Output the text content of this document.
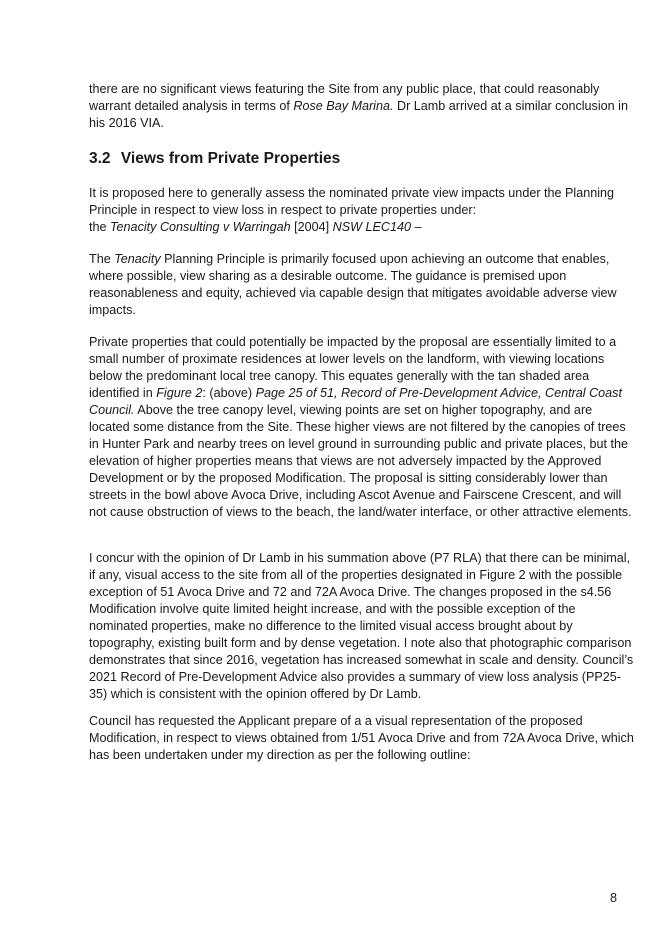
there are no significant views featuring the Site from any public place, that could reasonably warrant detailed analysis in terms of Rose Bay Marina. Dr Lamb arrived at a similar conclusion in his 2016 VIA.

3.2 Views from Private Properties

It is proposed here to generally assess the nominated private view impacts under the Planning Principle in respect to view loss in respect to private properties under:
the Tenacity Consulting v Warringah [2004] NSW LEC140 –

The Tenacity Planning Principle is primarily focused upon achieving an outcome that enables, where possible, view sharing as a desirable outcome. The guidance is premised upon reasonableness and equity, achieved via capable design that mitigates avoidable adverse view impacts.

Private properties that could potentially be impacted by the proposal are essentially limited to a small number of proximate residences at lower levels on the landform, with viewing locations below the predominant local tree canopy. This equates generally with the tan shaded area identified in Figure 2: (above) Page 25 of 51, Record of Pre-Development Advice, Central Coast Council. Above the tree canopy level, viewing points are set on higher topography, and are located some distance from the Site. These higher views are not filtered by the canopies of trees in Hunter Park and nearby trees on level ground in surrounding public and private places, but the elevation of higher properties means that views are not adversely impacted by the Approved Development or by the proposed Modification. The proposal is sitting considerably lower than streets in the bowl above Avoca Drive, including Ascot Avenue and Fairscene Crescent, and will not cause obstruction of views to the beach, the land/water interface, or other attractive elements.

I concur with the opinion of Dr Lamb in his summation above (P7 RLA) that there can be minimal, if any, visual access to the site from all of the properties designated in Figure 2 with the possible exception of 51 Avoca Drive and 72 and 72A Avoca Drive. The changes proposed in the s4.56 Modification involve quite limited height increase, and with the possible exception of the nominated properties, make no difference to the limited visual access brought about by topography, existing built form and by dense vegetation. I note also that photographic comparison demonstrates that since 2016, vegetation has increased somewhat in scale and density. Council’s 2021 Record of Pre-Development Advice also provides a summary of view loss analysis (PP25-35) which is consistent with the opinion offered by Dr Lamb.

Council has requested the Applicant prepare of a a visual representation of the proposed Modification, in respect to views obtained from 1/51 Avoca Drive and from 72A Avoca Drive, which has been undertaken under my direction as per the following outline:

8
